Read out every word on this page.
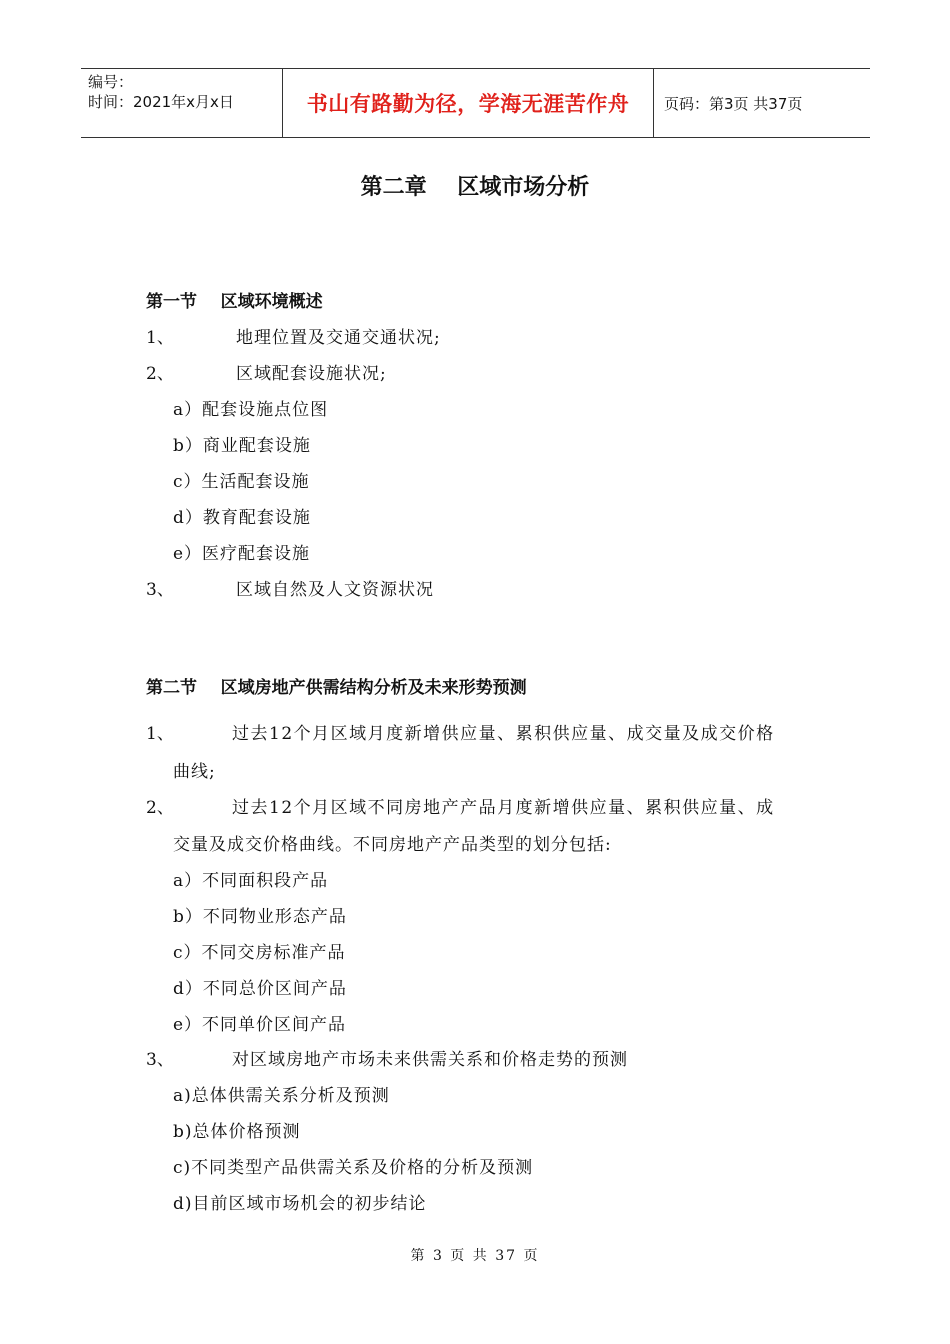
编号：
时间：2021年x月x日	书山有路勤为径，学海无涯苦作舟	页码：第3页 共37页
第二章    区域市场分析
第一节    区域环境概述
1、	地理位置及交通交通状况;
2、	区域配套设施状况;
a）配套设施点位图
b）商业配套设施
c）生活配套设施
d）教育配套设施
e）医疗配套设施
3、	区域自然及人文资源状况
第二节    区域房地产供需结构分析及未来形势预测
1、	过去12个月区域月度新增供应量、累积供应量、成交量及成交价格
曲线;
2、	过去12个月区域不同房地产产品月度新增供应量、累积供应量、成
交量及成交价格曲线。不同房地产产品类型的划分包括:
a）不同面积段产品
b）不同物业形态产品
c）不同交房标准产品
d）不同总价区间产品
e）不同单价区间产品
3、	对区域房地产市场未来供需关系和价格走势的预测
a)总体供需关系分析及预测
b)总体价格预测
c)不同类型产品供需关系及价格的分析及预测
d)目前区域市场机会的初步结论
第 3 页 共 37 页
